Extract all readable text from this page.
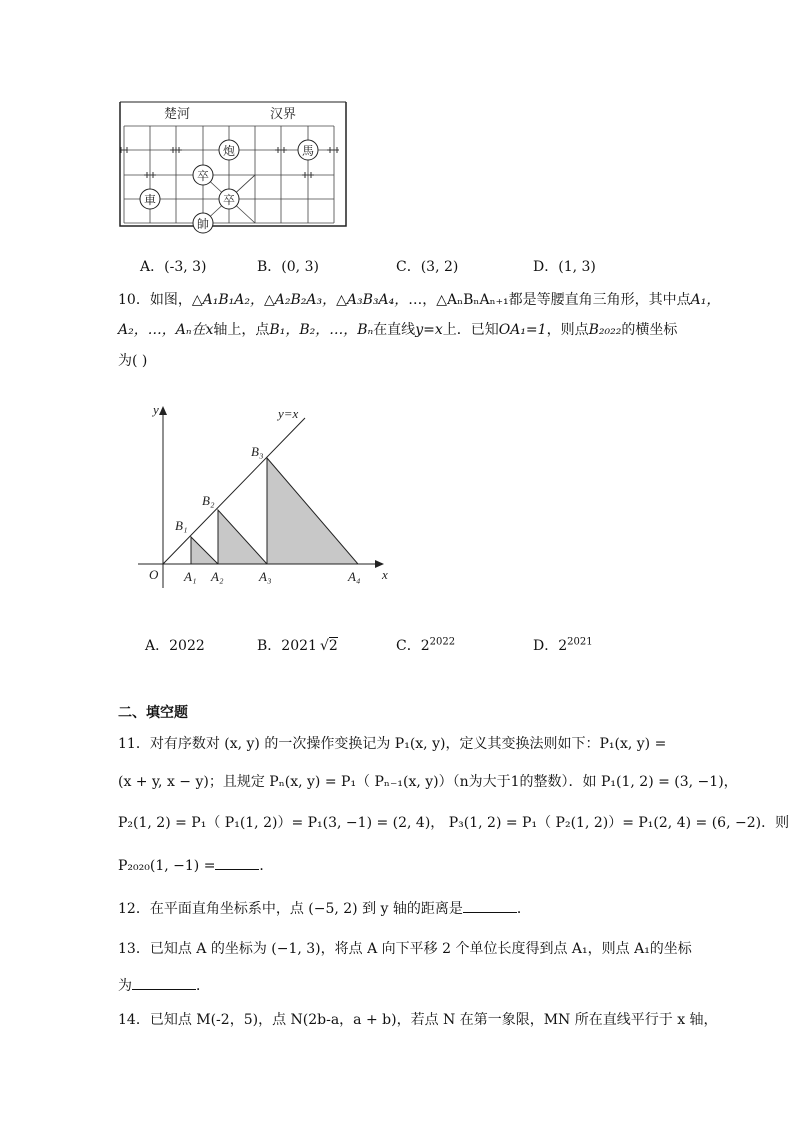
楚河	汉界
炮	馬
卒
卒
車
帥
A．(-3, 3)	B．(0, 3)	C．(3, 2)	D．(1, 3)
10．如图，△A₁B₁A₂，△A₂B₂A₃，△A₃B₃A₄，…，△AₙBₙAₙ₊₁都是等腰直角三角形，其中点A₁，
A₂，…，Aₙ在x轴上，点B₁，B₂，…，Bₙ在直线y=x上．已知OA₁=1，则点B₂₀₂₂的横坐标
为( )
y=x
y
x
O A₁ A₂	A₃	A₄
B₁
B₂
B₃
A．2022	B．2021 √2	C．$2^{2022}$	D．$2^{2021}$
二、填空题
11．对有序数对 (x, y) 的一次操作变换记为 P₁(x, y)，定义其变换法则如下：P₁(x, y) =
(x + y, x − y)；且规定 Pₙ(x, y) = P₁（ Pₙ₋₁(x, y)）（n为大于1的整数）．如 P₁(1, 2) = (3, −1)，
P₂(1, 2) = P₁（ P₁(1, 2)）= P₁(3, −1) = (2, 4)， P₃(1, 2) = P₁（ P₂(1, 2)）= P₁(2, 4) = (6, −2)．则
P₂₀₂₀(1, −1) =	．
12．在平面直角坐标系中，点 (−5, 2) 到 y 轴的距离是	．
13．已知点 A 的坐标为 (−1, 3)，将点 A 向下平移 2 个单位长度得到点 A₁，则点 A₁的坐标
为	．
14．已知点 M(-2，5)，点 N(2b-a，a + b)，若点 N 在第一象限，MN 所在直线平行于 x 轴，
